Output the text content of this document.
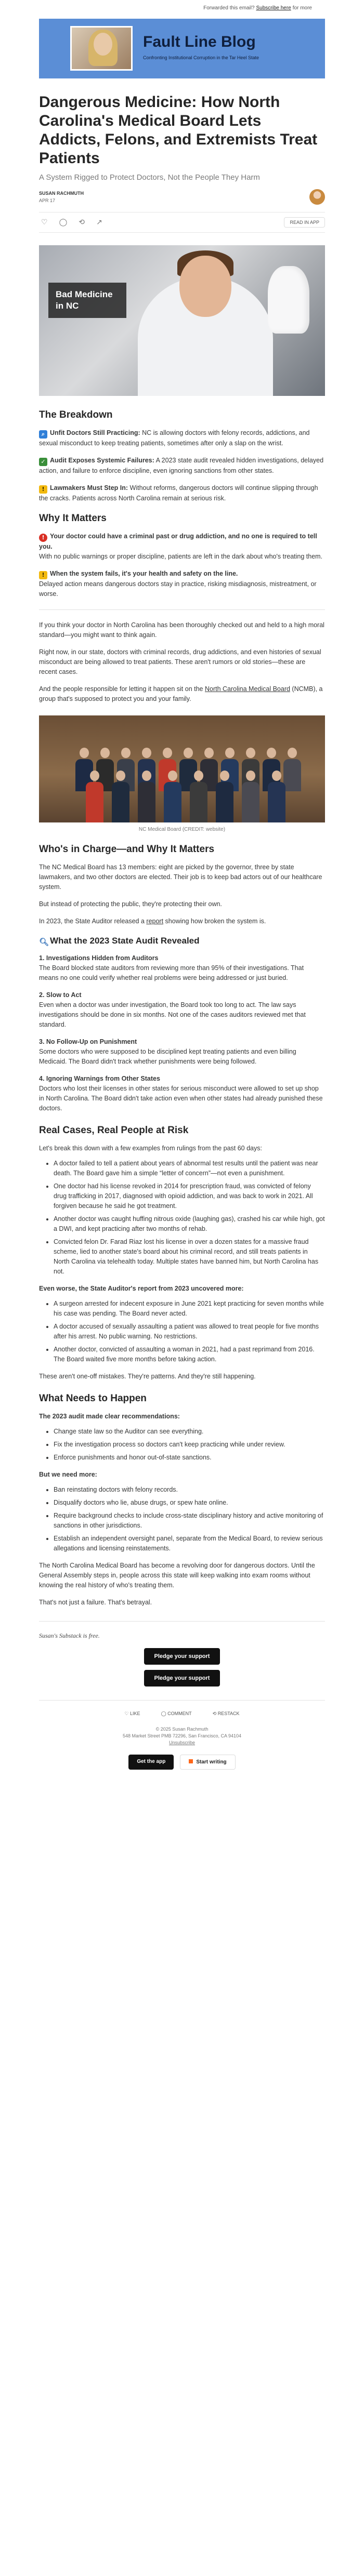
Forwarded this email? Subscribe here for more
Fault Line Blog
Confronting Institutional Corruption in the Tar Heel State
Dangerous Medicine: How North Carolina's Medical Board Lets Addicts, Felons, and Extremists Treat Patients
A System Rigged to Protect Doctors, Not the People They Harm
SUSAN RACHMUTH
APR 17
♡ ◯ ⟲ ↗	READ IN APP
Bad Medicine in NC
The Breakdown

⌕ Unfit Doctors Still Practicing: NC is allowing doctors with felony records, addictions, and sexual misconduct to keep treating patients, sometimes after only a slap on the wrist.

✓ Audit Exposes Systemic Failures: A 2023 state audit revealed hidden investigations, delayed action, and failure to enforce discipline, even ignoring sanctions from other states.

! Lawmakers Must Step In: Without reforms, dangerous doctors will continue slipping through the cracks. Patients across North Carolina remain at serious risk.

Why It Matters

! Your doctor could have a criminal past or drug addiction, and no one is required to tell you.
With no public warnings or proper discipline, patients are left in the dark about who's treating them.

! When the system fails, it's your health and safety on the line.
Delayed action means dangerous doctors stay in practice, risking misdiagnosis, mistreatment, or worse.

If you think your doctor in North Carolina has been thoroughly checked out and held to a high moral standard—you might want to think again.

Right now, in our state, doctors with criminal records, drug addictions, and even histories of sexual misconduct are being allowed to treat patients. These aren't rumors or old stories—these are recent cases.

And the people responsible for letting it happen sit on the North Carolina Medical Board (NCMB), a group that's supposed to protect you and your family.

NC Medical Board (CREDIT: website)
Who's in Charge—and Why It Matters

The NC Medical Board has 13 members: eight are picked by the governor, three by state lawmakers, and two other doctors are elected. Their job is to keep bad actors out of our healthcare system.

But instead of protecting the public, they're protecting their own.

In 2023, the State Auditor released a report showing how broken the system is.

🔍︎ What the 2023 State Audit Revealed

1. Investigations Hidden from Auditors
The Board blocked state auditors from reviewing more than 95% of their investigations. That means no one could verify whether real problems were being addressed or just buried.

2. Slow to Act
Even when a doctor was under investigation, the Board took too long to act. The law says investigations should be done in six months. Not one of the cases auditors reviewed met that standard.

3. No Follow-Up on Punishment
Some doctors who were supposed to be disciplined kept treating patients and even billing Medicaid. The Board didn't track whether punishments were being followed.

4. Ignoring Warnings from Other States
Doctors who lost their licenses in other states for serious misconduct were allowed to set up shop in North Carolina. The Board didn't take action even when other states had already punished these doctors.

Real Cases, Real People at Risk

Let's break this down with a few examples from rulings from the past 60 days:

• A doctor failed to tell a patient about years of abnormal test results until the patient was near death. The Board gave him a simple “letter of concern”—not even a punishment.
• One doctor had his license revoked in 2014 for prescription fraud, was convicted of felony drug trafficking in 2017, diagnosed with opioid addiction, and was back to work in 2021. All forgiven because he said he got treatment.
• Another doctor was caught huffing nitrous oxide (laughing gas), crashed his car while high, got a DWI, and kept practicing after two months of rehab.
• Convicted felon Dr. Farad Riaz lost his license in over a dozen states for a massive fraud scheme, lied to another state's board about his criminal record, and still treats patients in North Carolina via telehealth today. Multiple states have banned him, but North Carolina has not.

Even worse, the State Auditor's report from 2023 uncovered more:

• A surgeon arrested for indecent exposure in June 2021 kept practicing for seven months while his case was pending. The Board never acted.
• A doctor accused of sexually assaulting a patient was allowed to treat people for five months after his arrest. No public warning. No restrictions.
• Another doctor, convicted of assaulting a woman in 2021, had a past reprimand from 2016. The Board waited five more months before taking action.

These aren't one-off mistakes. They're patterns. And they're still happening.

What Needs to Happen

The 2023 audit made clear recommendations:

• Change state law so the Auditor can see everything.
• Fix the investigation process so doctors can't keep practicing while under review.
• Enforce punishments and honor out-of-state sanctions.

But we need more:

• Ban reinstating doctors with felony records.
• Disqualify doctors who lie, abuse drugs, or spew hate online.
• Require background checks to include cross-state disciplinary history and active monitoring of sanctions in other jurisdictions.
• Establish an independent oversight panel, separate from the Medical Board, to review serious allegations and licensing reinstatements.

The North Carolina Medical Board has become a revolving door for dangerous doctors. Until the General Assembly steps in, people across this state will keep walking into exam rooms without knowing the real history of who's treating them.

That's not just a failure. That's betrayal.

Susan's Substack is free.
Pledge your support
Pledge your support
♡ LIKE	◯ COMMENT	⟲ RESTACK
© 2025 Susan Rachmuth
548 Market Street PMB 72296, San Francisco, CA 94104
Unsubscribe
Get the app	Start writing
